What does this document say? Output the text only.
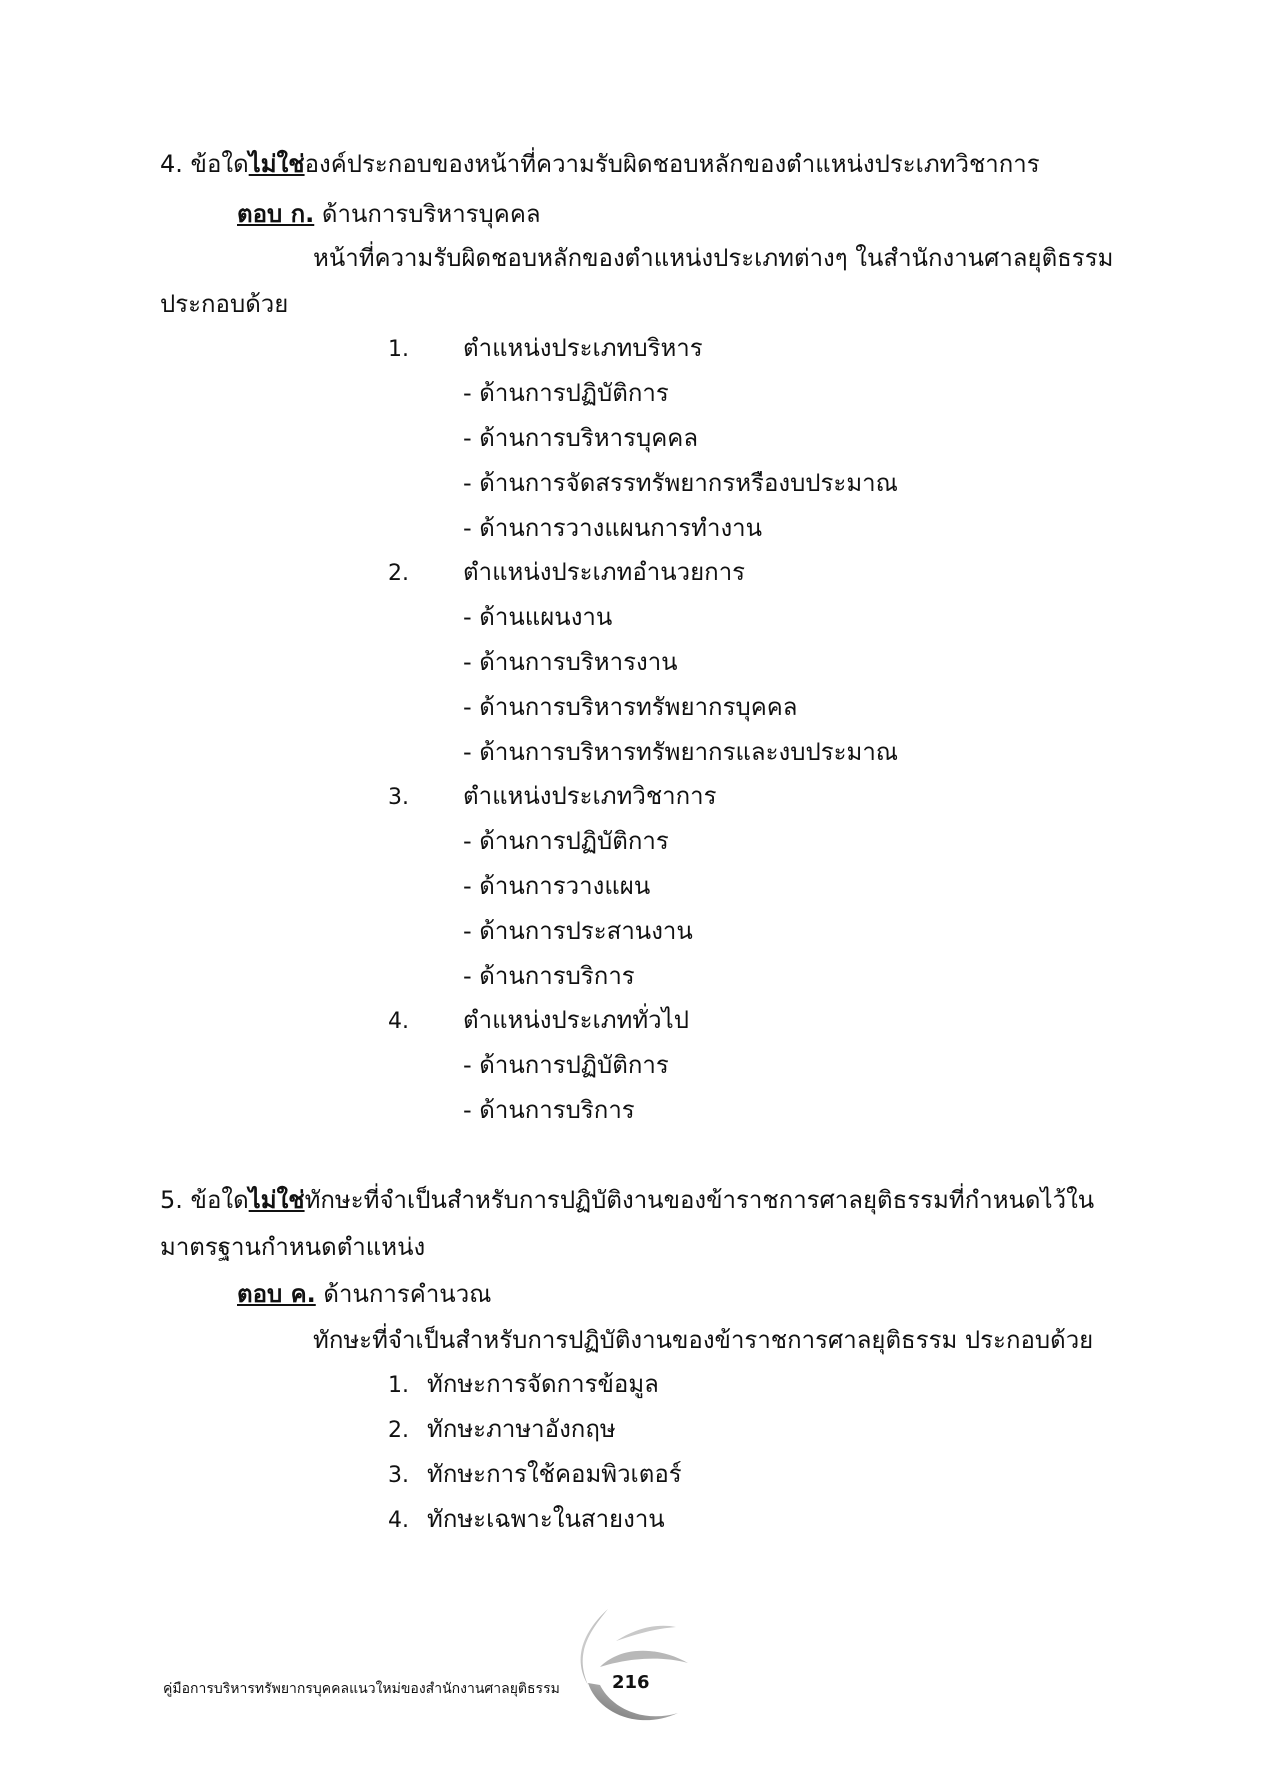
4. ข้อใดไม่ใช่องค์ประกอบของหน้าที่ความรับผิดชอบหลักของตำแหน่งประเภทวิชาการ
ตอบ ก. ด้านการบริหารบุคคล
หน้าที่ความรับผิดชอบหลักของตำแหน่งประเภทต่างๆ ในสำนักงานศาลยุติธรรม
ประกอบด้วย
1. ตำแหน่งประเภทบริหาร
- ด้านการปฏิบัติการ
- ด้านการบริหารบุคคล
- ด้านการจัดสรรทรัพยากรหรืองบประมาณ
- ด้านการวางแผนการทำงาน
2. ตำแหน่งประเภทอำนวยการ
- ด้านแผนงาน
- ด้านการบริหารงาน
- ด้านการบริหารทรัพยากรบุคคล
- ด้านการบริหารทรัพยากรและงบประมาณ
3. ตำแหน่งประเภทวิชาการ
- ด้านการปฏิบัติการ
- ด้านการวางแผน
- ด้านการประสานงาน
- ด้านการบริการ
4. ตำแหน่งประเภททั่วไป
- ด้านการปฏิบัติการ
- ด้านการบริการ
5. ข้อใดไม่ใช่ทักษะที่จำเป็นสำหรับการปฏิบัติงานของข้าราชการศาลยุติธรรมที่กำหนดไว้ใน
มาตรฐานกำหนดตำแหน่ง
ตอบ ค. ด้านการคำนวณ
ทักษะที่จำเป็นสำหรับการปฏิบัติงานของข้าราชการศาลยุติธรรม ประกอบด้วย
1. ทักษะการจัดการข้อมูล
2. ทักษะภาษาอังกฤษ
3. ทักษะการใช้คอมพิวเตอร์
4. ทักษะเฉพาะในสายงาน
คู่มือการบริหารทรัพยากรบุคคลแนวใหม่ของสำนักงานศาลยุติธรรม	216
